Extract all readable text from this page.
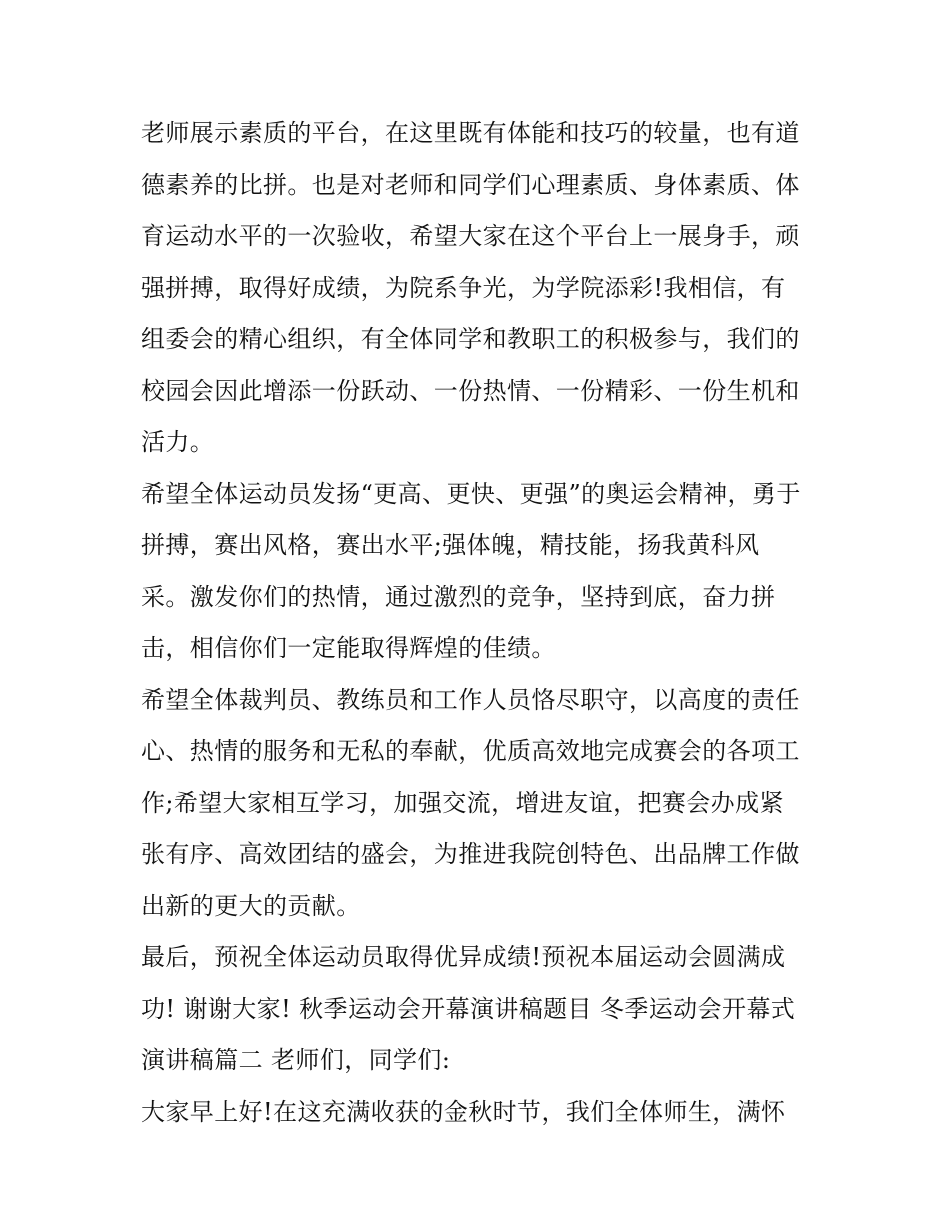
老师展示素质的平台，在这里既有体能和技巧的较量，也有道
德素养的比拼。也是对老师和同学们心理素质、身体素质、体
育运动水平的一次验收，希望大家在这个平台上一展身手，顽
强拼搏，取得好成绩，为院系争光，为学院添彩!我相信，有
组委会的精心组织，有全体同学和教职工的积极参与，我们的
校园会因此增添一份跃动、一份热情、一份精彩、一份生机和
活力。
希望全体运动员发扬“更高、更快、更强”的奥运会精神，勇于
拼搏，赛出风格，赛出水平;强体魄，精技能，扬我黄科风
采。激发你们的热情，通过激烈的竞争，坚持到底，奋力拼
击，相信你们一定能取得辉煌的佳绩。
希望全体裁判员、教练员和工作人员恪尽职守，以高度的责任
心、热情的服务和无私的奉献，优质高效地完成赛会的各项工
作;希望大家相互学习，加强交流，增进友谊，把赛会办成紧
张有序、高效团结的盛会，为推进我院创特色、出品牌工作做
出新的更大的贡献。
最后，预祝全体运动员取得优异成绩!预祝本届运动会圆满成
功! 谢谢大家! 秋季运动会开幕演讲稿题目 冬季运动会开幕式
演讲稿篇二 老师们，同学们:
大家早上好!在这充满收获的金秋时节，我们全体师生，满怀
